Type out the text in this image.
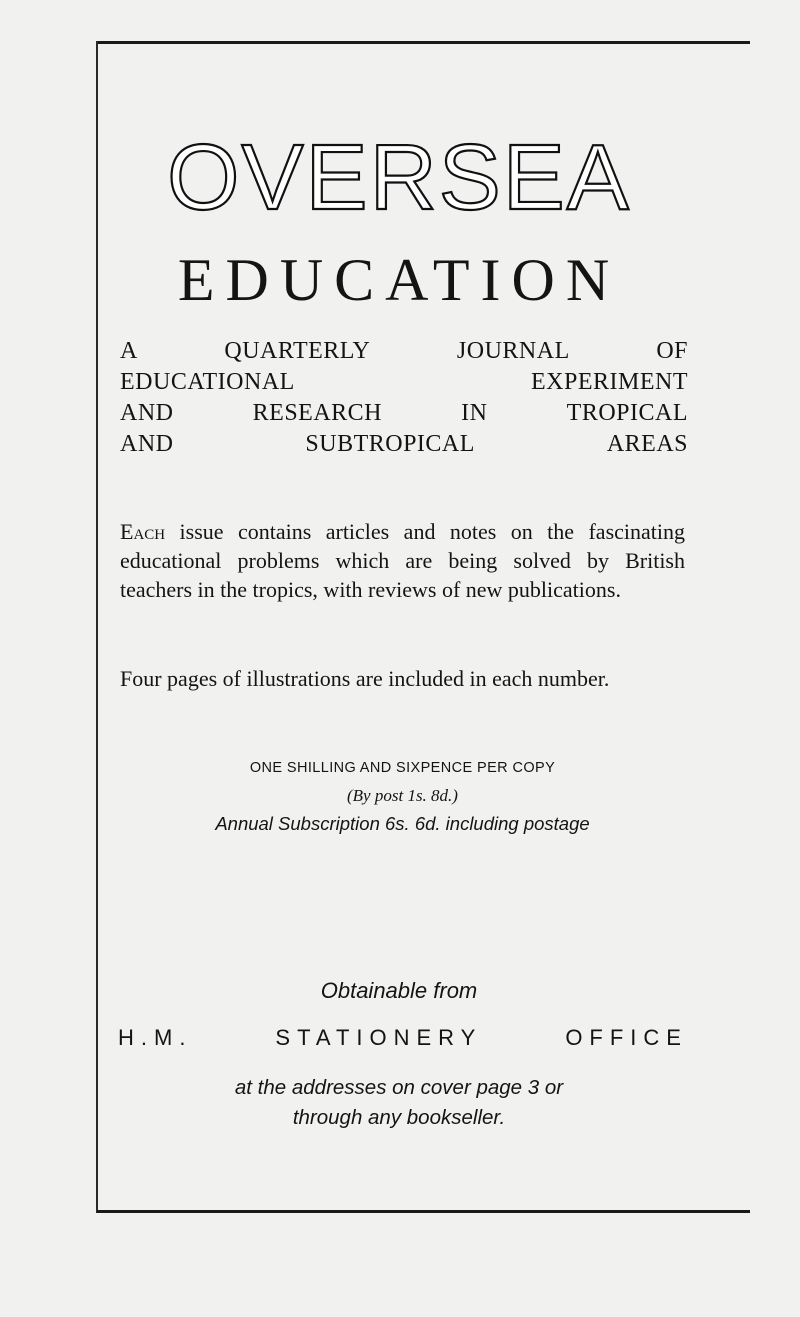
OVERSEA
EDUCATION
A	QUARTERLY	JOURNAL	OF
EDUCATIONAL	EXPERIMENT
AND	RESEARCH	IN	TROPICAL
AND	SUBTROPICAL	AREAS

Each issue contains articles and notes on the fascinating educational problems which are being solved by British teachers in the tropics, with reviews of new publications.

Four pages of illustrations are included in each number.

ONE SHILLING AND SIXPENCE PER COPY

(By post 1s. 8d.)

Annual Subscription 6s. 6d. including postage

Obtainable from

H.M.	STATIONERY	OFFICE

at the addresses on cover page 3 or

through any bookseller.
